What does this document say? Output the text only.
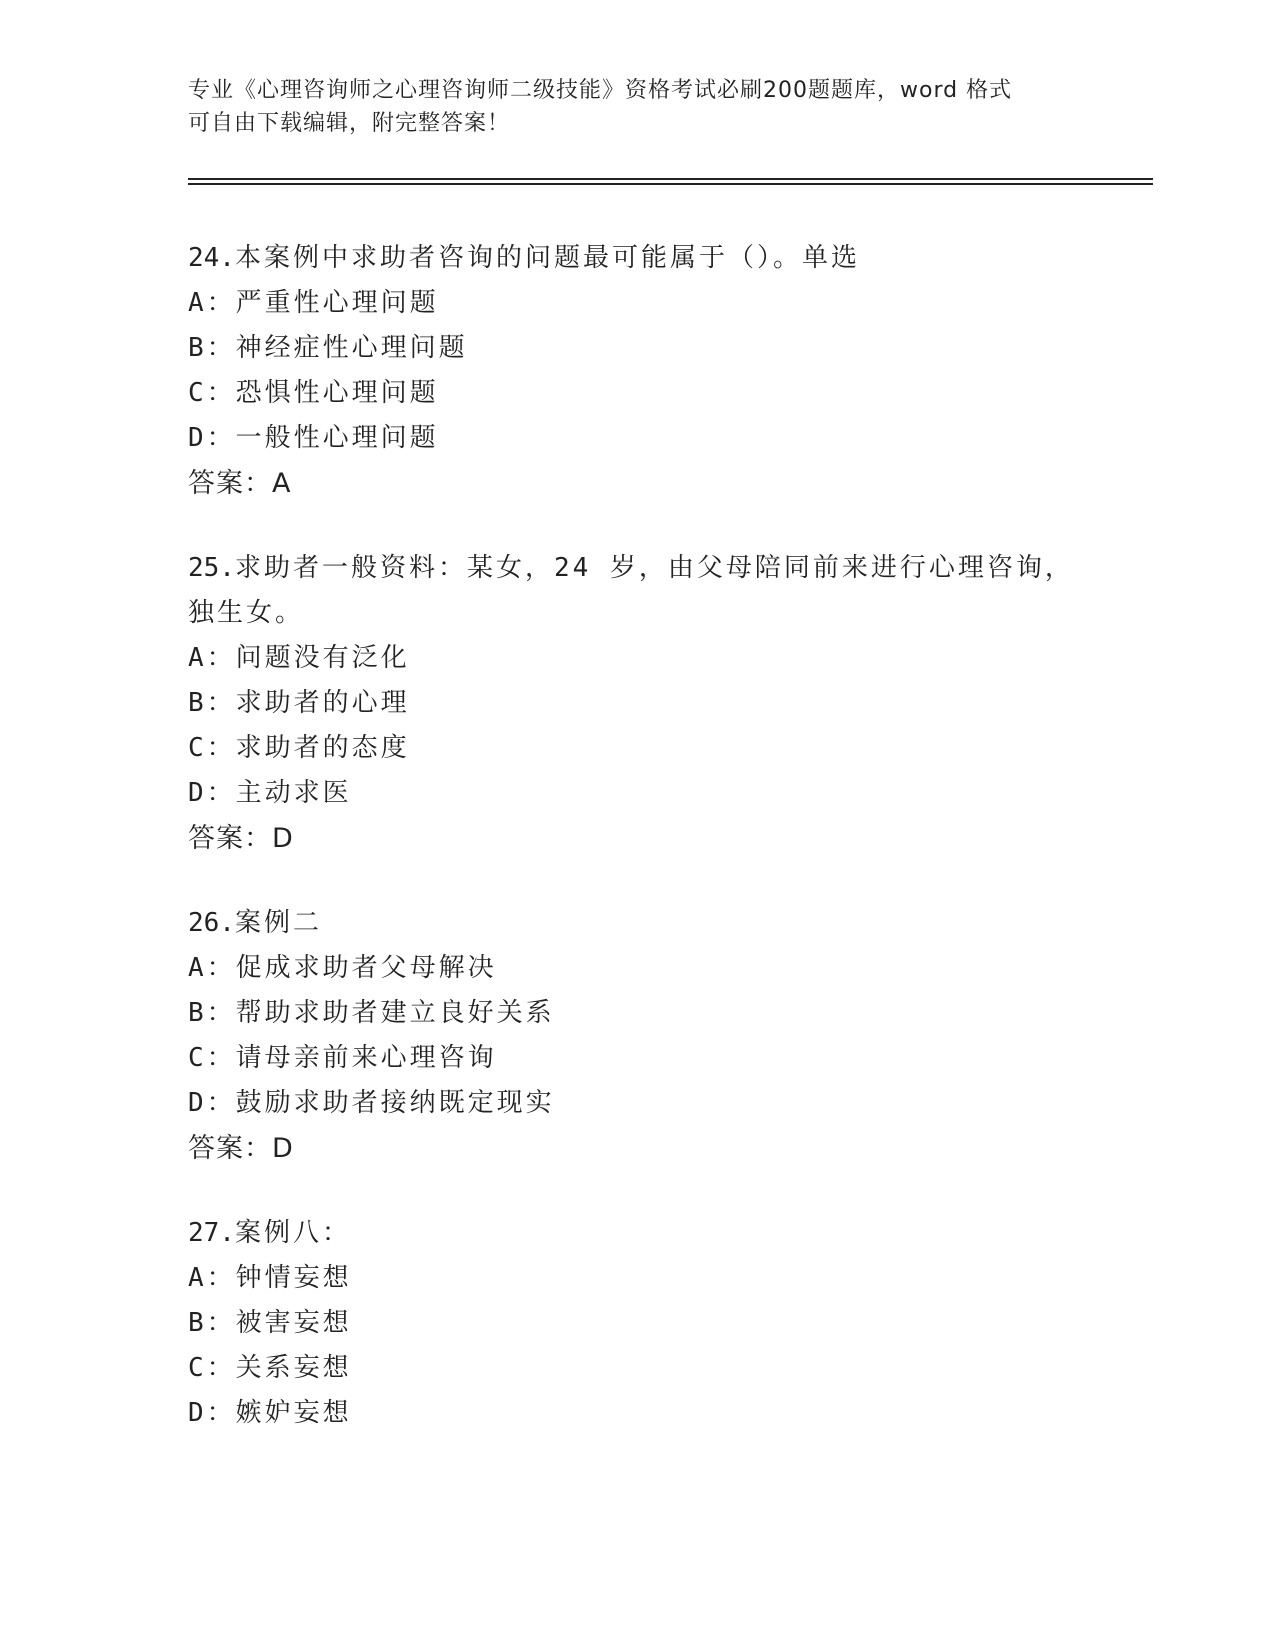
专业《心理咨询师之心理咨询师二级技能》资格考试必刷200题题库，word 格式

可自由下载编辑，附完整答案！

24.本案例中求助者咨询的问题最可能属于（）。单选

A：严重性心理问题

B：神经症性心理问题

C：恐惧性心理问题

D：一般性心理问题

答案：A

25.求助者一般资料：某女，24 岁，由父母陪同前来进行心理咨询，独生女。

A：问题没有泛化

B：求助者的心理

C：求助者的态度

D：主动求医

答案：D

26.案例二

A：促成求助者父母解决

B：帮助求助者建立良好关系

C：请母亲前来心理咨询

D：鼓励求助者接纳既定现实

答案：D

27.案例八：

A：钟情妄想

B：被害妄想

C：关系妄想

D：嫉妒妄想
